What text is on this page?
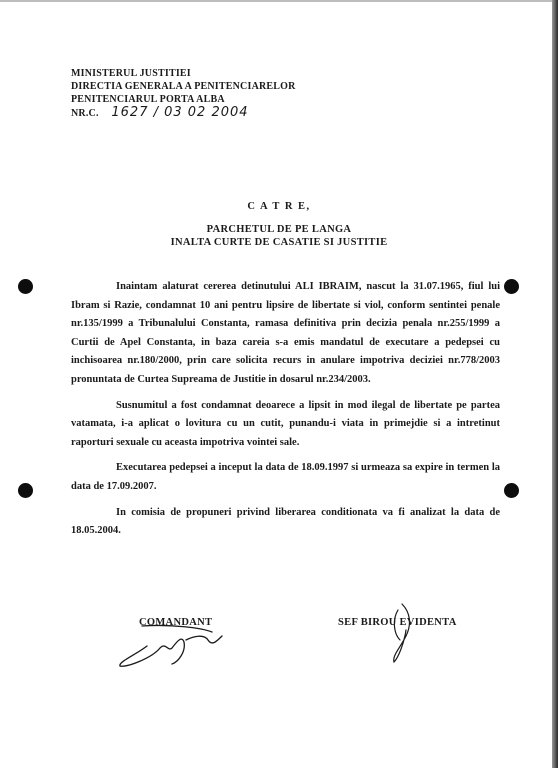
MINISTERUL JUSTITIEI
DIRECTIA GENERALA A PENITENCIARELOR
PENITENCIARUL PORTA ALBA
NR.C. 1627 / 03 02 2004
C A T R E,
PARCHETUL DE PE LANGA
INALTA CURTE DE CASATIE SI JUSTITIE

Inaintam alaturat cererea detinutului ALI IBRAIM, nascut la 31.07.1965, fiul lui Ibram si Razie, condamnat 10 ani pentru lipsire de libertate si viol, conform sentintei penale nr.135/1999 a Tribunalului Constanta, ramasa definitiva prin decizia penala nr.255/1999 a Curtii de Apel Constanta, in baza careia s-a emis mandatul de executare a pedepsei cu inchisoarea nr.180/2000, prin care solicita recurs in anulare impotriva deciziei nr.778/2003 pronuntata de Curtea Supreama de Justitie in dosarul nr.234/2003.

Susnumitul a fost condamnat deoarece a lipsit in mod ilegal de libertate pe partea vatamata, i-a aplicat o lovitura cu un cutit, punandu-i viata in primejdie si a intretinut raporturi sexuale cu aceasta impotriva vointei sale.

Executarea pedepsei a inceput la data de 18.09.1997 si urmeaza sa expire in termen la data de 17.09.2007.

In comisia de propuneri privind liberarea conditionata va fi analizat la data de 18.05.2004.

COMANDANT	SEF BIROU EVIDENTA
